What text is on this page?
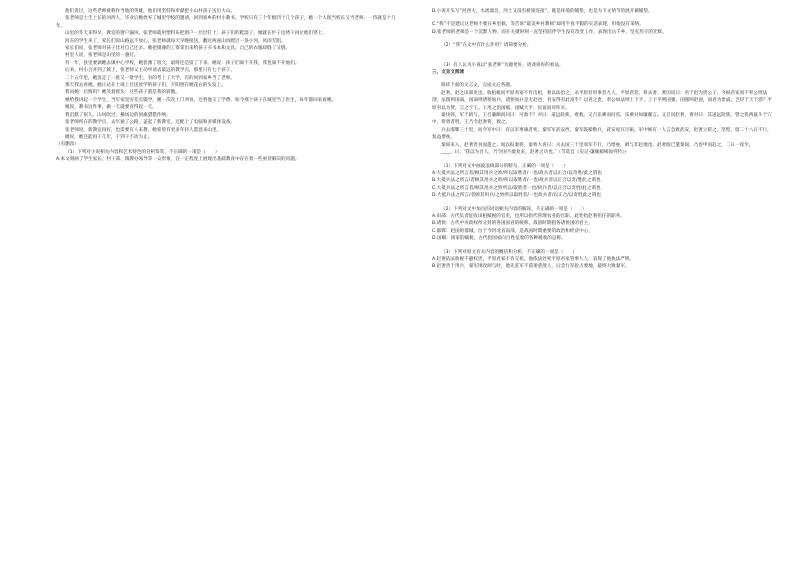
他们说过，这些老师被称作当地的英雄，他们用坚持和奉献把小山村孩子送出大山。

张老师是土生土长的河西人，毕业后她放弃了城里学校的邀请，回到家乡的村小教书。学校只有三个年级四十几个孩子，她一个人既当校长又当老师，一待就是十几年。

山里的冬天来得早，教室的窗户漏风，张老师就用塑料布把窗户一层层钉上；孩子们的鞋湿了，她就在炉子边烤干再让他们穿上。

河东的学生来了，家长们说山路远不放心，张老师就每天早晚接送，翻过两座山再蹚过一条小河，风雨无阻。

家长们说，张老师对孩子比对自己还亲。她把微薄的工资拿出来给孩子买书本和文具，自己的衣服却缝了又缝。

村里人说，张老师是山里的一盏灯。

有一年，县里要调她去镇中心学校，她犹豫了很久，最终还是留了下来。她说：孩子们离不开我，我也离不开他们。

后来，村小合并到了镇上，张老师又主动申请去最远的教学点，那里只有七个孩子。

二十五年里，她送走了一批又一批学生，有的考上了大学，有的回到家乡当了老师。

那天我去看她，她正站在土坡上目送放学的孩子们，夕阳照在她花白的头发上。

我问她：后悔吗？她笑着摇头：这些孩子就是我的骄傲。

她给我讲起一个学生，当年家里穷差点辍学，她一次次上门劝说，还替他交了学费。如今那个孩子在城里当了医生，每年都回来看她。

她说，教书这件事，做一天就要对得起一天。

我沉默了很久。山风吹过，操场边的国旗猎猎作响。

张老师所在的教学点，去年通了公路，盖起了新教室，还配上了电脑和多媒体设备。

张老师说，新教室再好，也需要有人来教。她希望有更多年轻人愿意来山里。

她说，她还能再干几年，干到干不动为止。

（有删改）

（1）下列对小说相关内容和艺术特色的分析鉴赏，不正确的一项是（　　）

A.本文刻画了学生家长、村干部、镇教办领导等一众形象，在一定程度上展现出基础教育中存在着一些亟待解决的问题。

B.小说开头写“河西大，水流湍急，河上又没有桥梁连接”，既是环境的铺垫，也是为下文情节的展开做铺垫。

C.“我”不是建议这老师不要在乡里搞，等告诉“最美乡村教师”却用半真半假的实话表现，但他没有采纳。

D.张老师的老师是一个沉默人物，而在关键时刻一直坚持陪伴学生没有改变工作，表现出岳千乡、坚克坦守的光辉。

（2）“我”在文中有什么作用？请简要分析。

（3）有人认为小说以“张老师”为题更好，请谈谈你的看法。

三、文言文阅读

阅读下面的文言文，完成文后各题。

赵奢，赵之田部吏也。收租税而平原君家不肯出租，奢以法治之，杀平原君用事者九人。平原君怒，将杀奢。奢因说曰：君于赵为贵公子，今纵君家而不奉公则法削，法削则国弱，国弱则诸侯加兵，诸侯加兵是无赵也，君安得有此富乎？以君之贵，奉公如法则上下平，上下平则国强，国强则赵固，而君为贵戚，岂轻于天下邪？平原君以为贤，言之于王。王用之治国赋，国赋大平，民富而府库实。

秦伐韩，军于阏与。王召廉颇而问曰：可救不？对曰：道远险狭，难救。又召乐乘而问焉，乐乘对如廉颇言。又召问赵奢，奢对曰：其道远险狭，譬之犹两鼠斗于穴中，将勇者胜。王乃令赵奢将，救之。

兵去邯郸三十里，而令军中曰：有以军事谏者死。秦军军武安西，秦军鼓噪勒兵，武安屋瓦尽振。军中候有一人言急救武安，赵奢立斩之。坚壁，留二十八日不行，复益增垒。

秦间来入，赵奢善食而遣之。间以报秦将，秦将大喜曰：夫去国三十里而军不行，乃增垒，阏与非赵地也。赵奢既已遣秦间，乃卷甲而趋之，二日一夜至。

____，曰：‘我以为吾人，乃令国不敢复来，赵奢之功也。’（节选自《史记·廉颇蔺相如列传》）

（1）下列对文中画波浪线部分的断句，正确的一项是（　　）

A.大抵兵法之所言者/顾其用兵之妙/所以取胜者/一也/故兵者以正合/以奇胜/此之谓也

B.大抵兵法之所言/者顾其用兵之妙/所以取胜者/一也/故兵者以正合以奇/胜此之谓也

C.大抵兵法之所言者/顾其用兵之妙所以/取胜者一也/故兵者/以正合以奇胜/此之谓也

D.大抵兵法之所言/者顾其用兵/之妙所以取胜者/一也故兵者/以正合/以奇胜此之谓也

（2）下列对文中加点的词语相关内容的解说，不正确的一项是（　　）

A.田部：古代负责征收田租赋税的官吏，也用以指代管理农业的官职，此处指赵奢担任的职务。

B.诸侯：古代中央政权所分封的各国国君的统称，战国时期指各诸侯国的君主。

C.邯郸：赵国的都城，位于今河北省南部，是战国时期重要的政治和经济中心。

D.国赋：国家的赋税，古代指国家向百姓征收的各种税收的总称。

（3）下列对原文有关内容的概括和分析，不正确的一项是（　　）

A.赵奢依法收税不避权贵，平原君家不肯交租，他依法处死平原君家管事九人，表现了他执法严明。

B.赵奢善于用兵，秦军围攻阏与时，他先驻军不前迷惑敌人，后急行军抢占要地，最终大败秦军。
